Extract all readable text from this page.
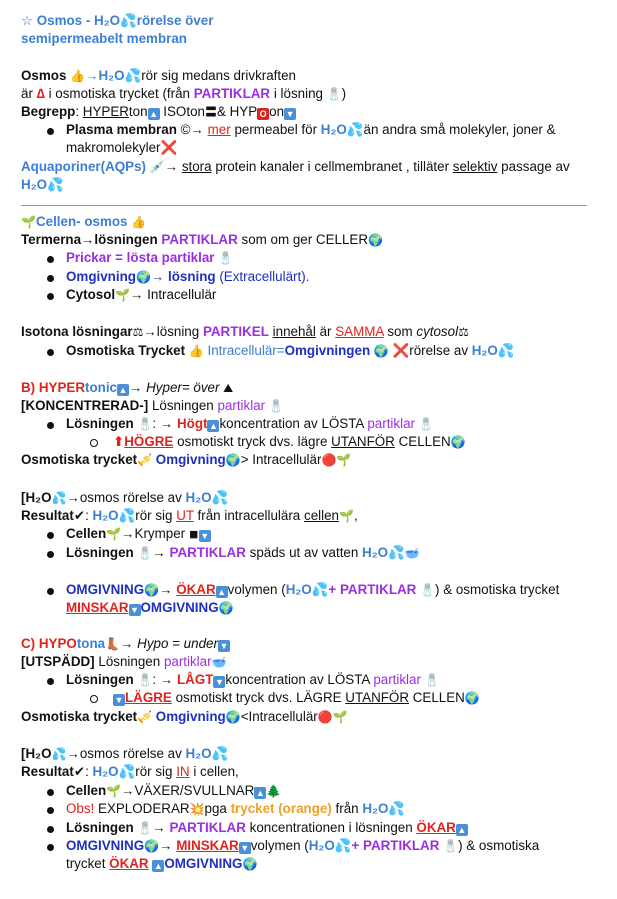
☆ Osmos - H₂O💦rörelse över
semipermeabelt membran
Osmos 👍→H₂O💦rör sig medans drivkraften
är ∆ i osmotiska trycket (från PARTIKLAR i lösning 🧂)
Begrepp: HYPERton ▲ ISOton〓& HYP O on ▼
Plasma membran ©→ mer permeabel för H₂O💦än andra små molekyler, joner &
makromolekyler❌
Aquaporiner(AQPs) 💉→ stora protein kanaler i cellmembranet , tilläter selektiv passage av
H₂O💦
🌱Cellen- osmos 👍
Termerna→lösningen PARTIKLAR som om ger CELLER🌍
Prickar = lösta partiklar 🧂
Omgivning🌍→ lösning (Extracellulärt).
Cytosol🌱→ Intracellulär
Isotona lösningar⚖→lösning PARTIKEL innehål är SAMMA som cytosol⚖
Osmotiska Trycket 👍 Intracellulär=Omgivningen 🌍 ❌rörelse av H₂O💦
B) HYPERtonic ▲ → Hyper= över ⛰
[KONCENTRERAD-] Lösningen partiklar 🧂
Lösningen 🧂: → Högt ▲ koncentration av LÖSTA partiklar 🧂
⬆HÖGRE osmotiskt tryck dvs. lägre UTANFÖR CELLEN🌍
Osmotiska trycket🎺 Omgivning🌍> Intracellulär🔴🌱
[H₂O💦→osmos rörelse av H₂O💦
Resultat✔: H₂O💦rör sig UT från intracellulära cellen🌱,
Cellen🌱→Krymper ◾ ▼
Lösningen 🧂→ PARTIKLAR späds ut av vatten H₂O💦🥣
OMGIVNING🌍→ ÖKAR ▲ volymen (H₂O💦+ PARTIKLAR 🧂) & osmotiska trycket
MINSKAR ▼ OMGIVNING🌍
C) HYPOtona👢→ Hypo = under ▼
[UTSPÄDD] Lösningen partiklar🥣
Lösningen 🧂: → LÅGT ▼ koncentration av LÖSTA partiklar 🧂
▼ LÄGRE osmotiskt tryck dvs. LÄGRE UTANFÖR CELLEN🌍
Osmotiska trycket🎺 Omgivning🌍<Intracellulär🔴🌱
[H₂O💦→osmos rörelse av H₂O💦
Resultat✔: H₂O💦rör sig IN i cellen,
Cellen🌱→VÄXER/SVULLNAR ▲ 🌲
Obs! EXPLODERAR💥pga trycket (orange) från H₂O💦
Lösningen 🧂→ PARTIKLAR koncentrationen i lösningen ÖKAR ▲
OMGIVNING🌍→ MINSKAR ▼ volymen (H₂O💦+ PARTIKLAR 🧂) & osmotiska
trycket ÖKAR ▲ OMGIVNING🌍
